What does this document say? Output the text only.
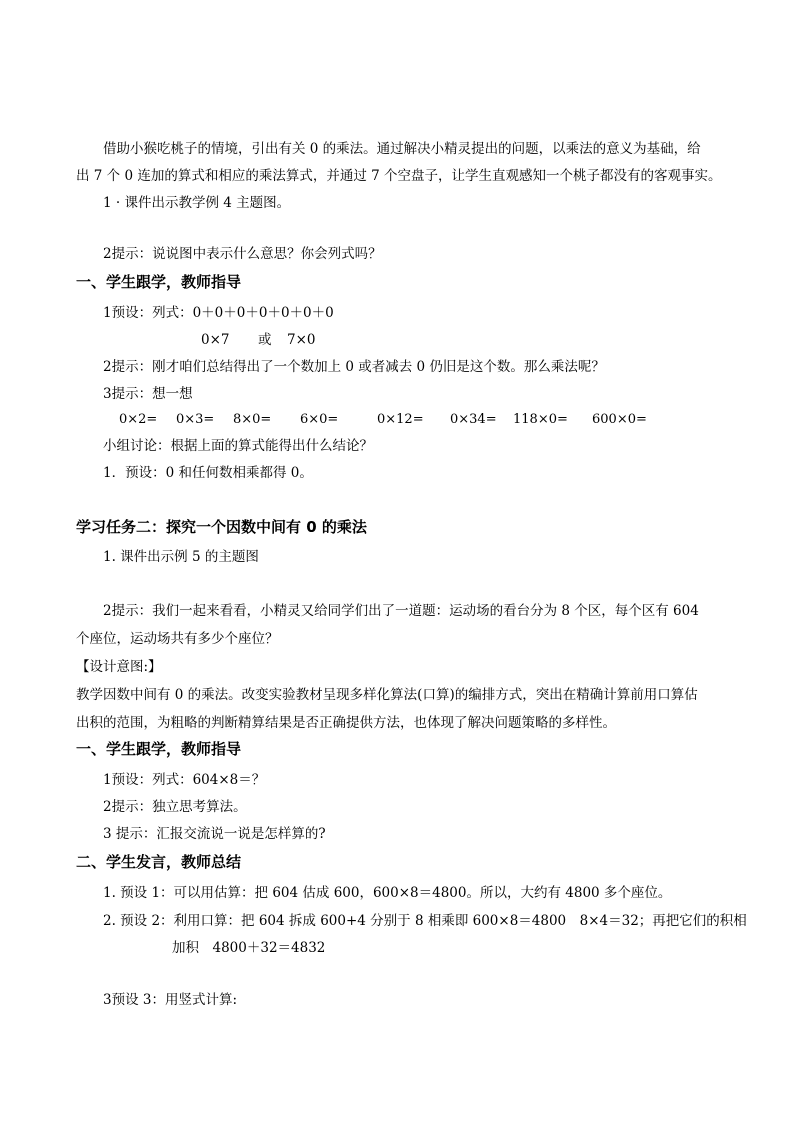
借助小猴吃桃子的情境，引出有关 0 的乘法。通过解决小精灵提出的问题，以乘法的意义为基础，给
出 7 个 0 连加的算式和相应的乘法算式，并通过 7 个空盘子，让学生直观感知一个桃子都没有的客观事实。
1 · 课件出示教学例 4 主题图。
2提示：说说图中表示什么意思？你会列式吗？
一、学生跟学，教师指导
1预设：列式：0＋0＋0＋0＋0＋0＋0
0×7 或 7×0
2提示：刚才咱们总结得出了一个数加上 0 或者减去 0 仍旧是这个数。那么乘法呢？
3提示：想一想
0×2= 0×3= 8×0= 6×0=	0×12= 0×34= 118×0= 600×0=
小组讨论：根据上面的算式能得出什么结论？
1．预设：0 和任何数相乘都得 0。
学习任务二：探究一个因数中间有 0 的乘法
1. 课件出示例 5 的主题图
2提示：我们一起来看看，小精灵又给同学们出了一道题：运动场的看台分为 8 个区，每个区有 604
个座位，运动场共有多少个座位？
【设计意图:】
教学因数中间有 0 的乘法。改变实验教材呈现多样化算法(口算)的编排方式，突出在精确计算前用口算估
出积的范围，为粗略的判断精算结果是否正确提供方法，也体现了解决问题策略的多样性。
一、学生跟学，教师指导
1预设：列式：604×8＝？
2提示：独立思考算法。
3 提示：汇报交流说一说是怎样算的?
二、学生发言，教师总结
1. 预设 1：可以用估算：把 604 估成 600，600×8＝4800。所以，大约有 4800 多个座位。
2. 预设 2：利用口算：把 604 拆成 600+4 分别于 8 相乘即 600×8＝4800　8×4＝32；再把它们的积相
加积　4800＋32＝4832
3预设 3：用竖式计算:
